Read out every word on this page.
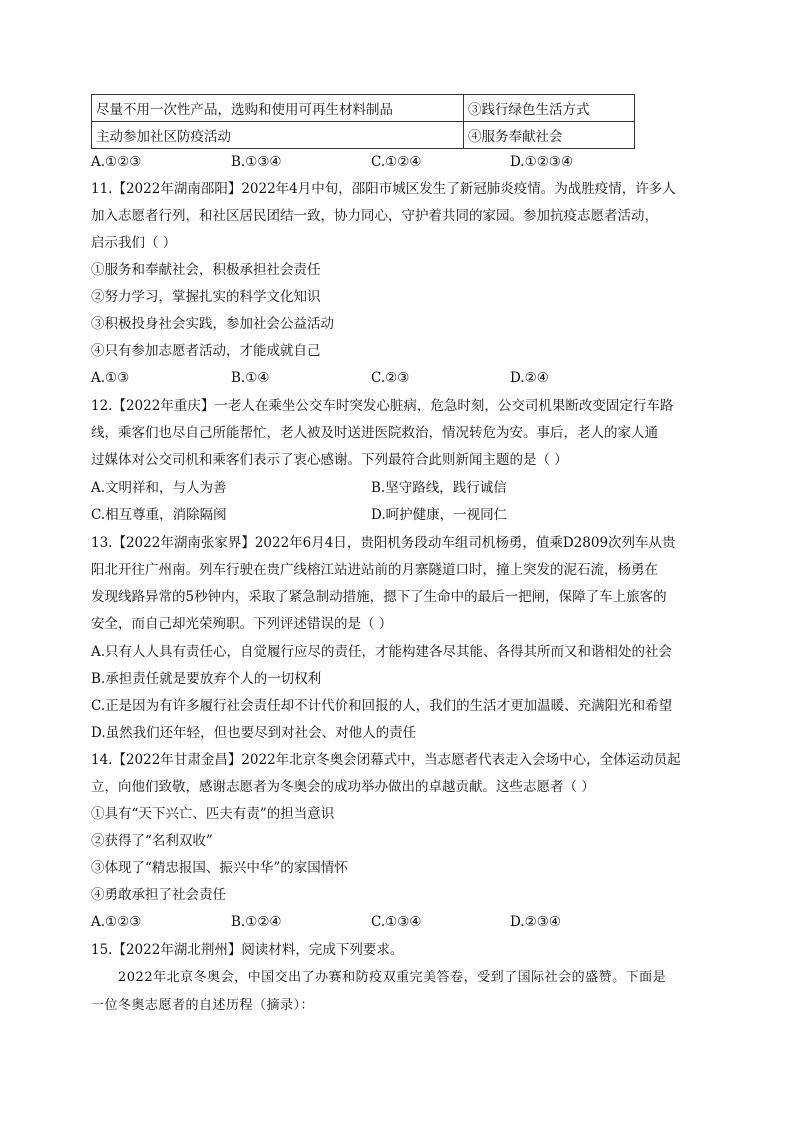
尽量不用一次性产品，选购和使用可再生材料制品	③践行绿色生活方式
主动参加社区防疫活动	④服务奉献社会
A.①②③	B.①③④	C.①②④	D.①②③④
11.【2022年湖南邵阳】2022年4月中旬，邵阳市城区发生了新冠肺炎疫情。为战胜疫情，许多人
加入志愿者行列，和社区居民团结一致，协力同心，守护着共同的家园。参加抗疫志愿者活动，
启示我们（ ）
①服务和奉献社会，积极承担社会责任
②努力学习，掌握扎实的科学文化知识
③积极投身社会实践，参加社会公益活动
④只有参加志愿者活动，才能成就自己
A.①③	B.①④	C.②③	D.②④
12.【2022年重庆】一老人在乘坐公交车时突发心脏病，危急时刻，公交司机果断改变固定行车路
线，乘客们也尽自己所能帮忙，老人被及时送进医院救治，情况转危为安。事后，老人的家人通
过媒体对公交司机和乘客们表示了衷心感谢。下列最符合此则新闻主题的是（ ）
A.文明祥和，与人为善	B.坚守路线，践行诚信
C.相互尊重，消除隔阂	D.呵护健康，一视同仁
13.【2022年湖南张家界】2022年6月4日，贵阳机务段动车组司机杨勇，值乘D2809次列车从贵
阳北开往广州南。列车行驶在贵广线榕江站进站前的月寨隧道口时，撞上突发的泥石流，杨勇在
发现线路异常的5秒钟内，采取了紧急制动措施，摁下了生命中的最后一把闸，保障了车上旅客的
安全，而自己却光荣殉职。下列评述错误的是（ ）
A.只有人人具有责任心，自觉履行应尽的责任，才能构建各尽其能、各得其所而又和谐相处的社会
B.承担责任就是要放弃个人的一切权利
C.正是因为有许多履行社会责任却不计代价和回报的人，我们的生活才更加温暖、充满阳光和希望
D.虽然我们还年轻，但也要尽到对社会、对他人的责任
14.【2022年甘肃金昌】2022年北京冬奥会闭幕式中，当志愿者代表走入会场中心，全体运动员起
立，向他们致敬，感谢志愿者为冬奥会的成功举办做出的卓越贡献。这些志愿者（ ）
①具有“天下兴亡、匹夫有责”的担当意识
②获得了“名利双收”
③体现了“精忠报国、振兴中华”的家国情怀
④勇敢承担了社会责任
A.①②③	B.①②④	C.①③④	D.②③④
15.【2022年湖北荆州】阅读材料，完成下列要求。
　　2022年北京冬奥会，中国交出了办赛和防疫双重完美答卷，受到了国际社会的盛赞。下面是
一位冬奥志愿者的自述历程（摘录）：
